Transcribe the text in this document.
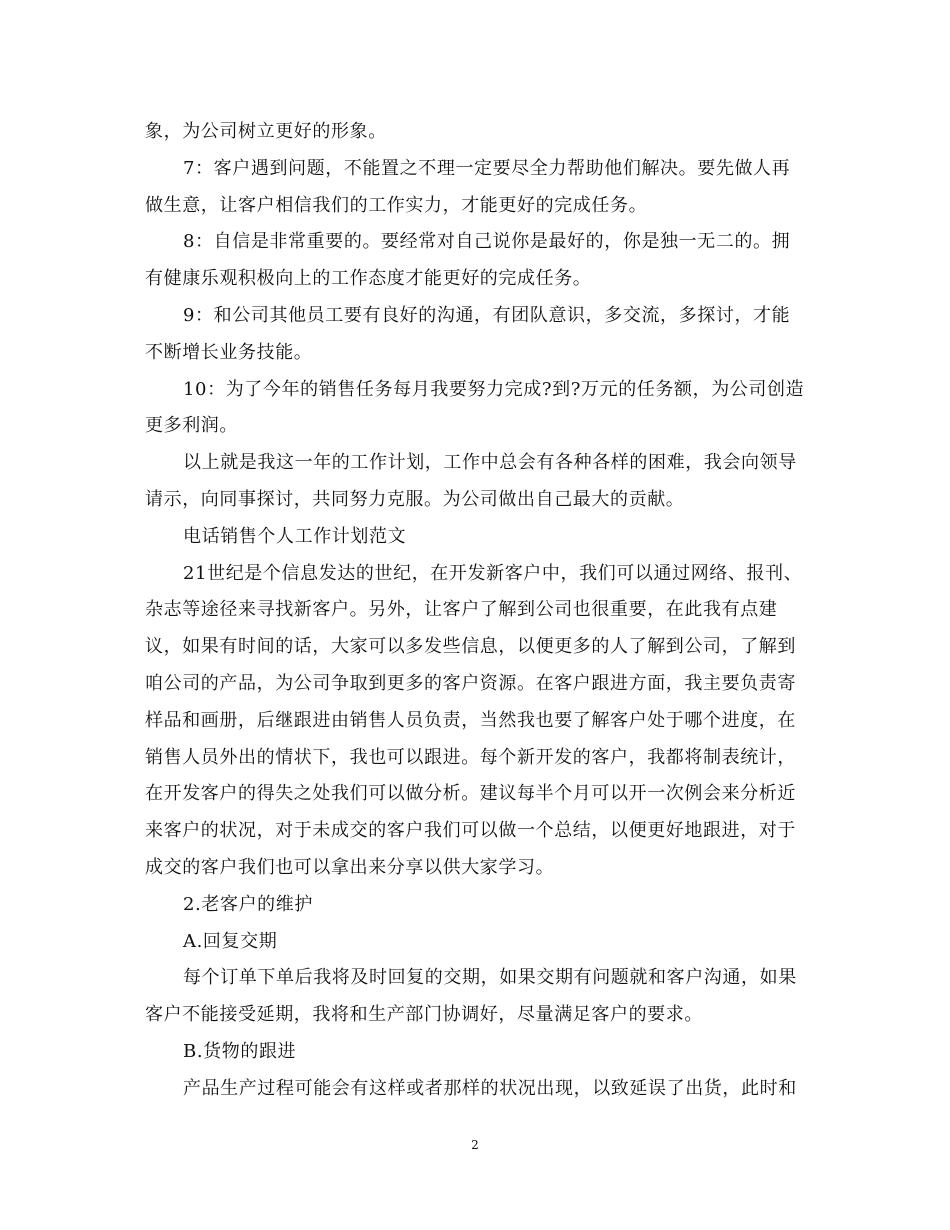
象，为公司树立更好的形象。
7：客户遇到问题，不能置之不理一定要尽全力帮助他们解决。要先做人再
做生意，让客户相信我们的工作实力，才能更好的完成任务。
8：自信是非常重要的。要经常对自己说你是最好的，你是独一无二的。拥
有健康乐观积极向上的工作态度才能更好的完成任务。
9：和公司其他员工要有良好的沟通，有团队意识，多交流，多探讨，才能
不断增长业务技能。
10：为了今年的销售任务每月我要努力完成?到?万元的任务额，为公司创造
更多利润。
以上就是我这一年的工作计划，工作中总会有各种各样的困难，我会向领导
请示，向同事探讨，共同努力克服。为公司做出自己最大的贡献。
电话销售个人工作计划范文
21世纪是个信息发达的世纪，在开发新客户中，我们可以通过网络、报刊、
杂志等途径来寻找新客户。另外，让客户了解到公司也很重要，在此我有点建
议，如果有时间的话，大家可以多发些信息，以便更多的人了解到公司，了解到
咱公司的产品，为公司争取到更多的客户资源。在客户跟进方面，我主要负责寄
样品和画册，后继跟进由销售人员负责，当然我也要了解客户处于哪个进度，在
销售人员外出的情状下，我也可以跟进。每个新开发的客户，我都将制表统计，
在开发客户的得失之处我们可以做分析。建议每半个月可以开一次例会来分析近
来客户的状况，对于未成交的客户我们可以做一个总结，以便更好地跟进，对于
成交的客户我们也可以拿出来分享以供大家学习。
2.老客户的维护
A.回复交期
每个订单下单后我将及时回复的交期，如果交期有问题就和客户沟通，如果
客户不能接受延期，我将和生产部门协调好，尽量满足客户的要求。
B.货物的跟进
产品生产过程可能会有这样或者那样的状况出现，以致延误了出货，此时和
2
